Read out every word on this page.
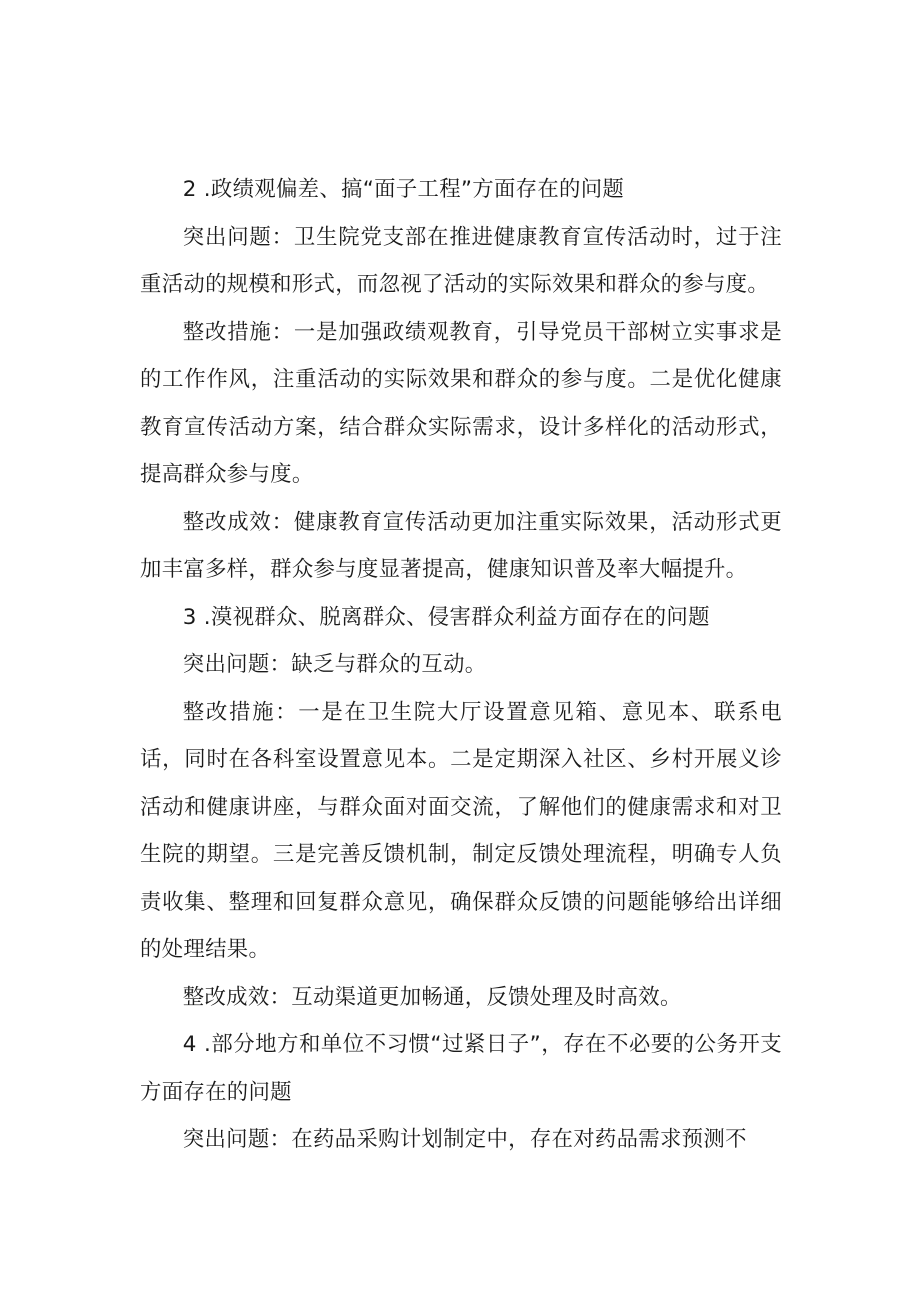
2 .政绩观偏差、搞“面子工程”方面存在的问题

突出问题：卫生院党支部在推进健康教育宣传活动时，过于注重活动的规模和形式，而忽视了活动的实际效果和群众的参与度。

整改措施：一是加强政绩观教育，引导党员干部树立实事求是的工作作风，注重活动的实际效果和群众的参与度。二是优化健康教育宣传活动方案，结合群众实际需求，设计多样化的活动形式，提高群众参与度。

整改成效：健康教育宣传活动更加注重实际效果，活动形式更加丰富多样，群众参与度显著提高，健康知识普及率大幅提升。

3 .漠视群众、脱离群众、侵害群众利益方面存在的问题

突出问题：缺乏与群众的互动。

整改措施：一是在卫生院大厅设置意见箱、意见本、联系电话，同时在各科室设置意见本。二是定期深入社区、乡村开展义诊活动和健康讲座，与群众面对面交流，了解他们的健康需求和对卫生院的期望。三是完善反馈机制，制定反馈处理流程，明确专人负责收集、整理和回复群众意见，确保群众反馈的问题能够给出详细的处理结果。

整改成效：互动渠道更加畅通，反馈处理及时高效。

4 .部分地方和单位不习惯“过紧日子”，存在不必要的公务开支方面存在的问题

突出问题：在药品采购计划制定中，存在对药品需求预测不
